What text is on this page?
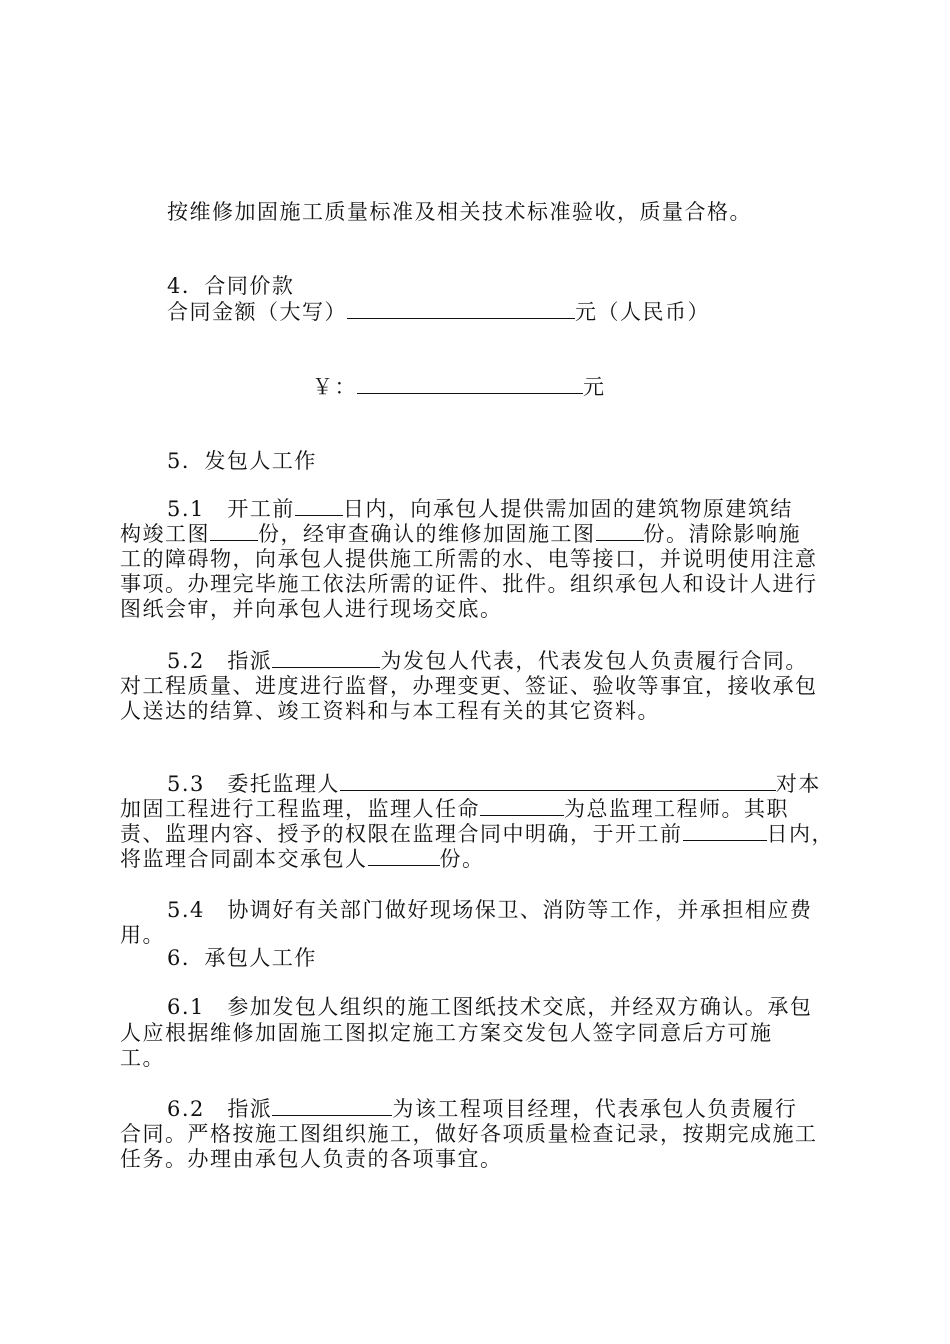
按维修加固施工质量标准及相关技术标准验收，质量合格。
4．合同价款
合同金额（大写）	元（人民币）
￥：	元
5．发包人工作
5.1　开工前 日内，向承包人提供需加固的建筑物原建筑结
构竣工图 份，经审查确认的维修加固施工图 份。清除影响施
工的障碍物，向承包人提供施工所需的水、电等接口，并说明使用注意
事项。办理完毕施工依法所需的证件、批件。组织承包人和设计人进行
图纸会审，并向承包人进行现场交底。
5.2　指派	为发包人代表，代表发包人负责履行合同。
对工程质量、进度进行监督，办理变更、签证、验收等事宜，接收承包
人送达的结算、竣工资料和与本工程有关的其它资料。
5.3　委托监理人	对本
加固工程进行工程监理，监理人任命	为总监理工程师。其职
责、监理内容、授予的权限在监理合同中明确，于开工前	日内，
将监理合同副本交承包人	份。
5.4　协调好有关部门做好现场保卫、消防等工作，并承担相应费
用。
6．承包人工作
6.1　参加发包人组织的施工图纸技术交底，并经双方确认。承包
人应根据维修加固施工图拟定施工方案交发包人签字同意后方可施
工。
6.2　指派	为该工程项目经理，代表承包人负责履行
合同。严格按施工图组织施工，做好各项质量检查记录，按期完成施工
任务。办理由承包人负责的各项事宜。
